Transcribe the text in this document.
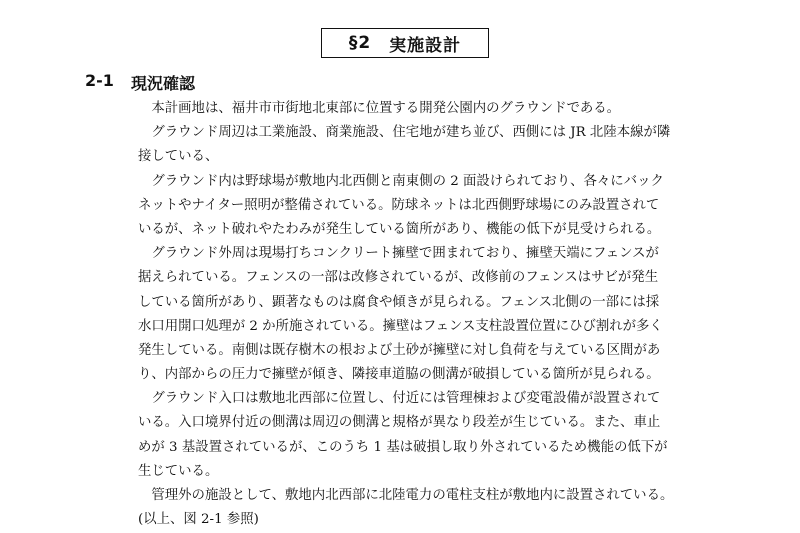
§2 実施設計
2-1	現況確認
　本計画地は、福井市市街地北東部に位置する開発公園内のグラウンドである。
　グラウンド周辺は工業施設、商業施設、住宅地が建ち並び、西側には JR 北陸本線が隣
接している、
　グラウンド内は野球場が敷地内北西側と南東側の 2 面設けられており、各々にバック
ネットやナイター照明が整備されている。防球ネットは北西側野球場にのみ設置されて
いるが、ネット破れやたわみが発生している箇所があり、機能の低下が見受けられる。
　グラウンド外周は現場打ちコンクリート擁壁で囲まれており、擁壁天端にフェンスが
据えられている。フェンスの一部は改修されているが、改修前のフェンスはサビが発生
している箇所があり、顕著なものは腐食や傾きが見られる。フェンス北側の一部には採
水口用開口処理が 2 か所施されている。擁壁はフェンス支柱設置位置にひび割れが多く
発生している。南側は既存樹木の根および土砂が擁壁に対し負荷を与えている区間があ
り、内部からの圧力で擁壁が傾き、隣接車道脇の側溝が破損している箇所が見られる。
　グラウンド入口は敷地北西部に位置し、付近には管理棟および変電設備が設置されて
いる。入口境界付近の側溝は周辺の側溝と規格が異なり段差が生じている。また、車止
めが 3 基設置されているが、このうち 1 基は破損し取り外されているため機能の低下が
生じている。
　管理外の施設として、敷地内北西部に北陸電力の電柱支柱が敷地内に設置されている。
(以上、図 2-1 参照)
